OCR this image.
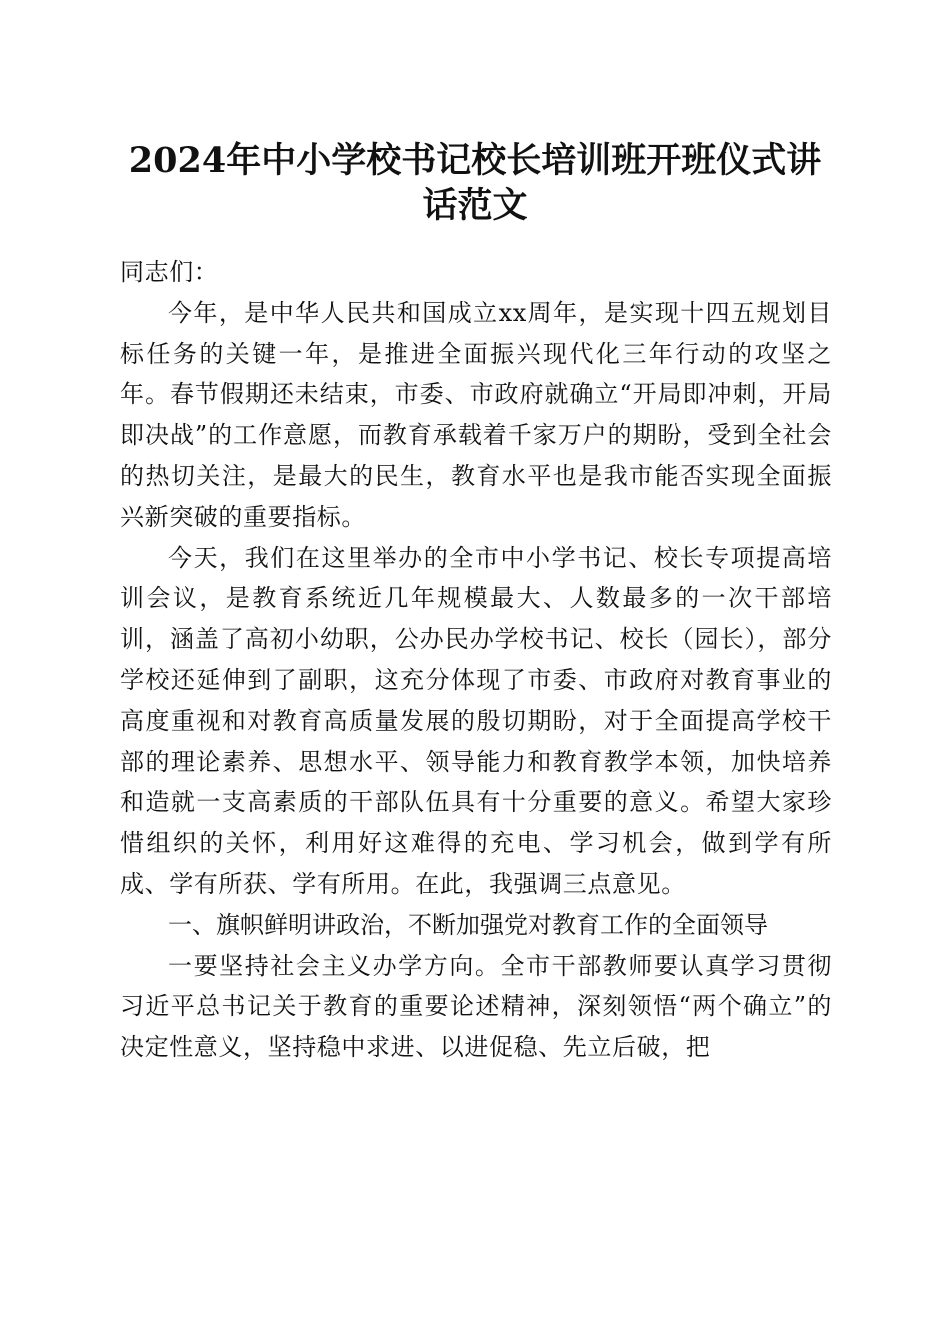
2024年中小学校书记校长培训班开班仪式讲
话范文

同志们：

今年，是中华人民共和国成立xx周年，是实现十四五规划目标任务的关键一年，是推进全面振兴现代化三年行动的攻坚之年。春节假期还未结束，市委、市政府就确立“开局即冲刺，开局即决战”的工作意愿，而教育承载着千家万户的期盼，受到全社会的热切关注，是最大的民生，教育水平也是我市能否实现全面振兴新突破的重要指标。

今天，我们在这里举办的全市中小学书记、校长专项提高培训会议，是教育系统近几年规模最大、人数最多的一次干部培训，涵盖了高初小幼职，公办民办学校书记、校长（园长），部分学校还延伸到了副职，这充分体现了市委、市政府对教育事业的高度重视和对教育高质量发展的殷切期盼，对于全面提高学校干部的理论素养、思想水平、领导能力和教育教学本领，加快培养和造就一支高素质的干部队伍具有十分重要的意义。希望大家珍惜组织的关怀，利用好这难得的充电、学习机会，做到学有所成、学有所获、学有所用。在此，我强调三点意见。

一、旗帜鲜明讲政治，不断加强党对教育工作的全面领导

一要坚持社会主义办学方向。全市干部教师要认真学习贯彻习近平总书记关于教育的重要论述精神，深刻领悟“两个确立”的决定性意义，坚持稳中求进、以进促稳、先立后破，把
